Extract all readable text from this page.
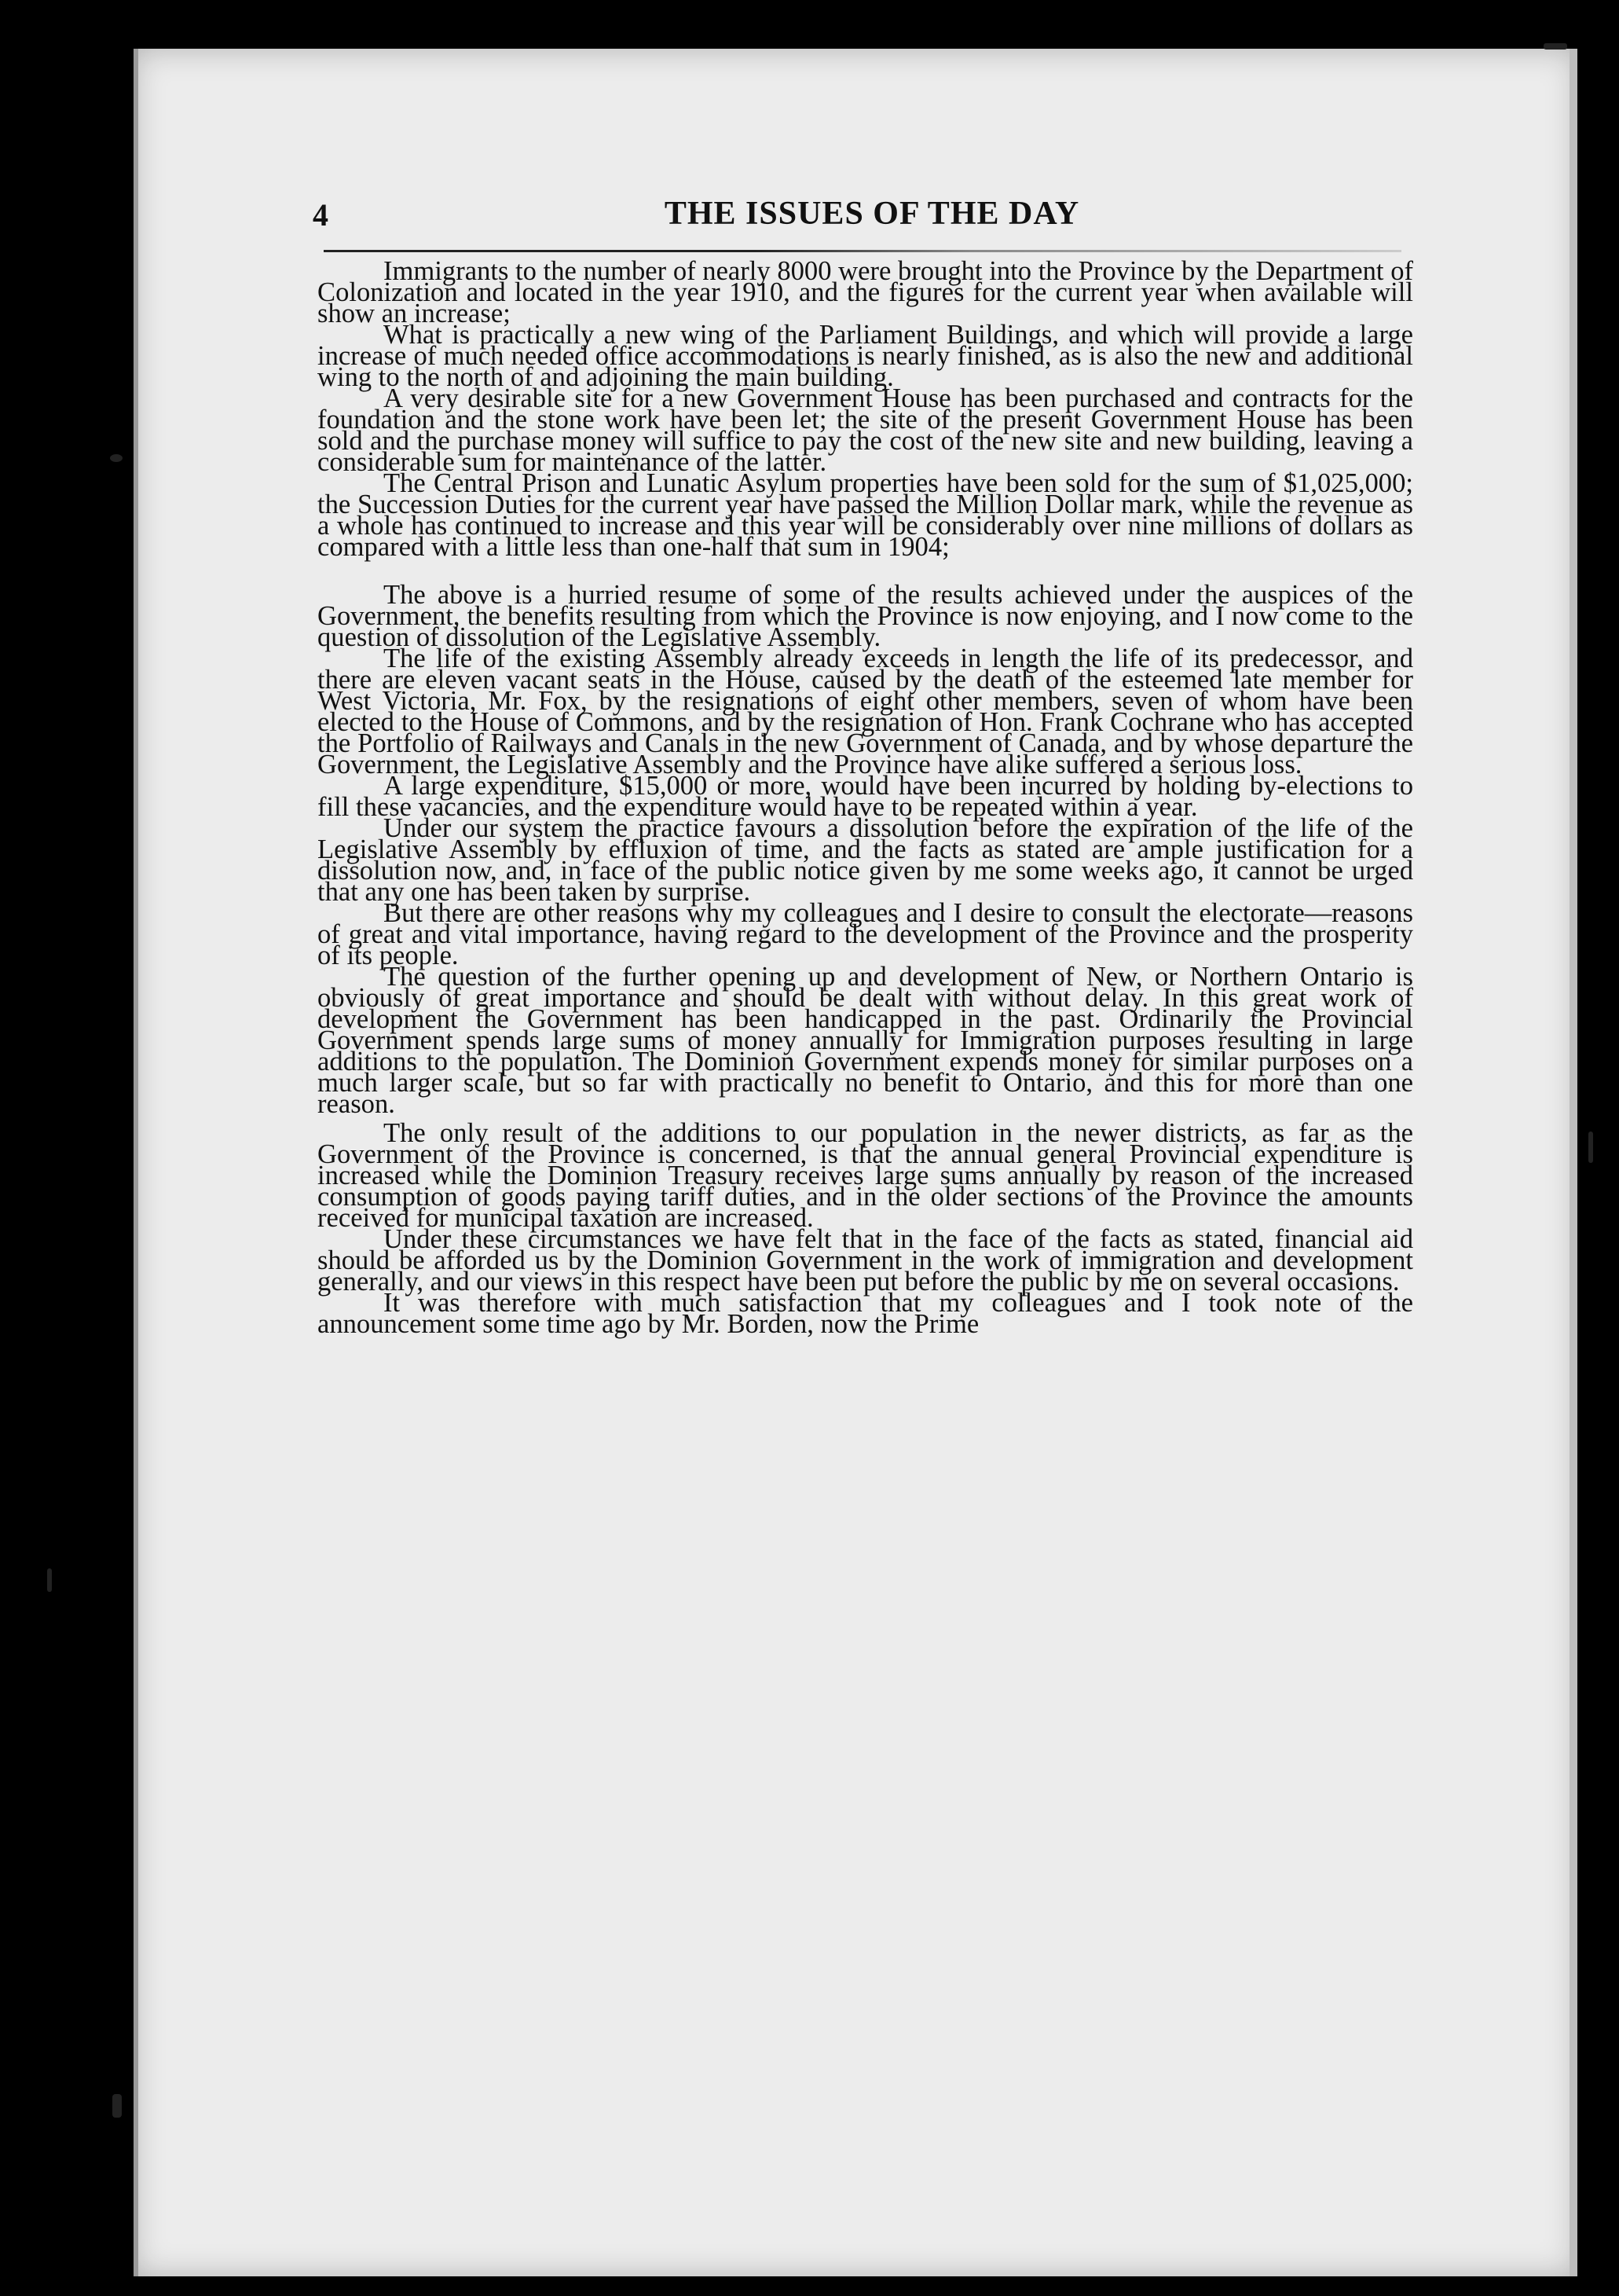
4	THE ISSUES OF THE DAY

Immigrants to the number of nearly 8000 were brought into the Province by the Department of Colonization and located in the year 1910, and the figures for the current year when available will show an increase;

What is practically a new wing of the Parliament Buildings, and which will provide a large increase of much needed office accommodations is nearly finished, as is also the new and additional wing to the north of and adjoining the main building.

A very desirable site for a new Government House has been purchased and contracts for the foundation and the stone work have been let; the site of the present Government House has been sold and the purchase money will suffice to pay the cost of the new site and new building, leaving a considerable sum for maintenance of the latter.

The Central Prison and Lunatic Asylum properties have been sold for the sum of $1,025,000; the Succession Duties for the current year have passed the Million Dollar mark, while the revenue as a whole has continued to increase and this year will be considerably over nine millions of dollars as compared with a little less than one-half that sum in 1904;

The above is a hurried resume of some of the results achieved under the auspices of the Government, the benefits resulting from which the Province is now enjoying, and I now come to the question of dissolution of the Legislative Assembly.

The life of the existing Assembly already exceeds in length the life of its predecessor, and there are eleven vacant seats in the House, caused by the death of the esteemed late member for West Victoria, Mr. Fox, by the resignations of eight other members, seven of whom have been elected to the House of Commons, and by the resignation of Hon. Frank Cochrane who has accepted the Portfolio of Railways and Canals in the new Government of Canada, and by whose departure the Government, the Legislative Assembly and the Province have alike suffered a serious loss.

A large expenditure, $15,000 or more, would have been incurred by holding by-elections to fill these vacancies, and the expenditure would have to be repeated within a year.

Under our system the practice favours a dissolution before the expiration of the life of the Legislative Assembly by effluxion of time, and the facts as stated are ample justification for a dissolution now, and, in face of the public notice given by me some weeks ago, it cannot be urged that any one has been taken by surprise.

But there are other reasons why my colleagues and I desire to consult the electorate—reasons of great and vital importance, having regard to the development of the Province and the prosperity of its people.

The question of the further opening up and development of New, or Northern Ontario is obviously of great importance and should be dealt with without delay. In this great work of development the Government has been handicapped in the past. Ordinarily the Provincial Government spends large sums of money annually for Immigration purposes resulting in large additions to the population. The Dominion Government expends money for similar purposes on a much larger scale, but so far with practically no benefit to Ontario, and this for more than one reason.

The only result of the additions to our population in the newer districts, as far as the Government of the Province is concerned, is that the annual general Provincial expenditure is increased while the Dominion Treasury receives large sums annually by reason of the increased consumption of goods paying tariff duties, and in the older sections of the Province the amounts received for municipal taxation are increased.

Under these circumstances we have felt that in the face of the facts as stated, financial aid should be afforded us by the Dominion Government in the work of immigration and development generally, and our views in this respect have been put before the public by me on several occasions.

It was therefore with much satisfaction that my colleagues and I took note of the announcement some time ago by Mr. Borden, now the Prime
